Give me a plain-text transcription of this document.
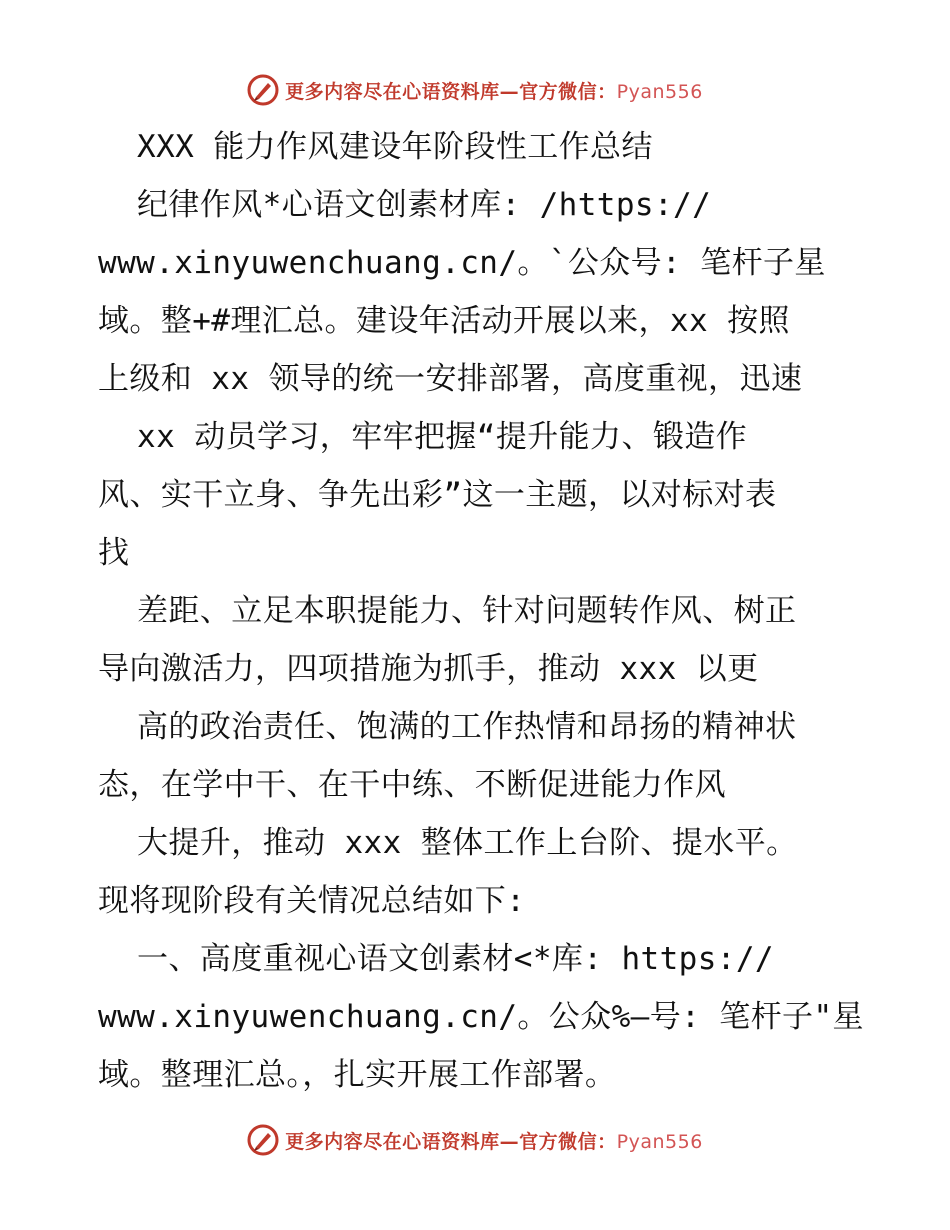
更多内容尽在心语资料库—官方微信：Pyan556
XXX 能力作风建设年阶段性工作总结
纪律作风*心语文创素材库: /https://
www.xinyuwenchuang.cn/。`公众号: 笔杆子星
域。整+#理汇总。建设年活动开展以来，xx 按照
上级和 xx 领导的统一安排部署，高度重视，迅速
xx 动员学习，牢牢把握“提升能力、锻造作
风、实干立身、争先出彩”这一主题，以对标对表
找
差距、立足本职提能力、针对问题转作风、树正
导向激活力，四项措施为抓手，推动 xxx 以更
高的政治责任、饱满的工作热情和昂扬的精神状
态，在学中干、在干中练、不断促进能力作风
大提升，推动 xxx 整体工作上台阶、提水平。
现将现阶段有关情况总结如下:
一、高度重视心语文创素材<*库: https://
www.xinyuwenchuang.cn/。公众%—号: 笔杆子"星
域。整理汇总。，扎实开展工作部署。
更多内容尽在心语资料库—官方微信：Pyan556
